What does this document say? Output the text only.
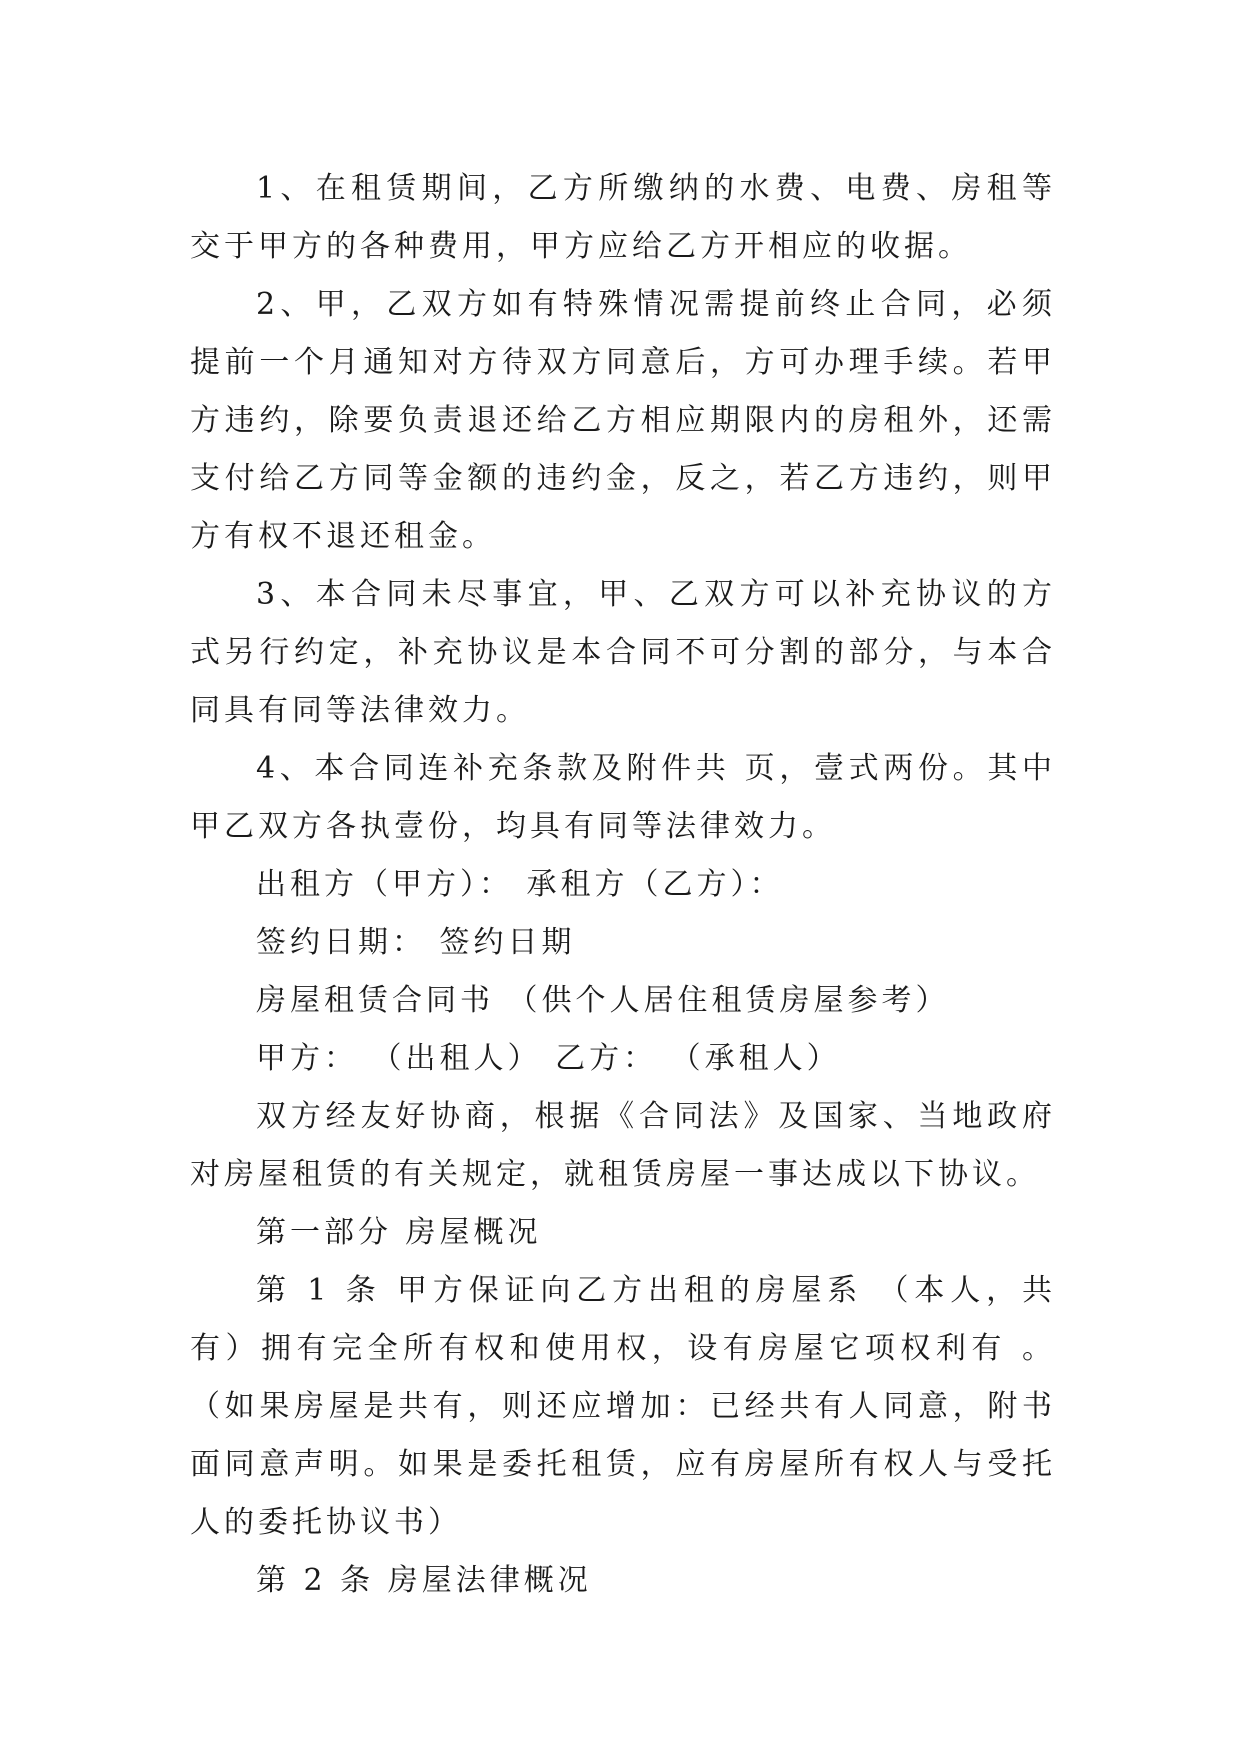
1、在租赁期间，乙方所缴纳的水费、电费、房租等交于甲方的各种费用，甲方应给乙方开相应的收据。

2、甲，乙双方如有特殊情况需提前终止合同，必须提前一个月通知对方待双方同意后，方可办理手续。若甲方违约，除要负责退还给乙方相应期限内的房租外，还需支付给乙方同等金额的违约金，反之，若乙方违约，则甲方有权不退还租金。

3、本合同未尽事宜，甲、乙双方可以补充协议的方式另行约定，补充协议是本合同不可分割的部分，与本合同具有同等法律效力。

4、本合同连补充条款及附件共 页，壹式两份。其中甲乙双方各执壹份，均具有同等法律效力。

出租方（甲方）： 承租方（乙方）：

签约日期： 签约日期

房屋租赁合同书 （供个人居住租赁房屋参考）

甲方： （出租人） 乙方： （承租人）

双方经友好协商，根据《合同法》及国家、当地政府对房屋租赁的有关规定，就租赁房屋一事达成以下协议。

第一部分 房屋概况

第 1 条 甲方保证向乙方出租的房屋系 （本人，共有）拥有完全所有权和使用权，设有房屋它项权利有 。（如果房屋是共有，则还应增加：已经共有人同意，附书面同意声明。如果是委托租赁，应有房屋所有权人与受托人的委托协议书）

第 2 条 房屋法律概况
